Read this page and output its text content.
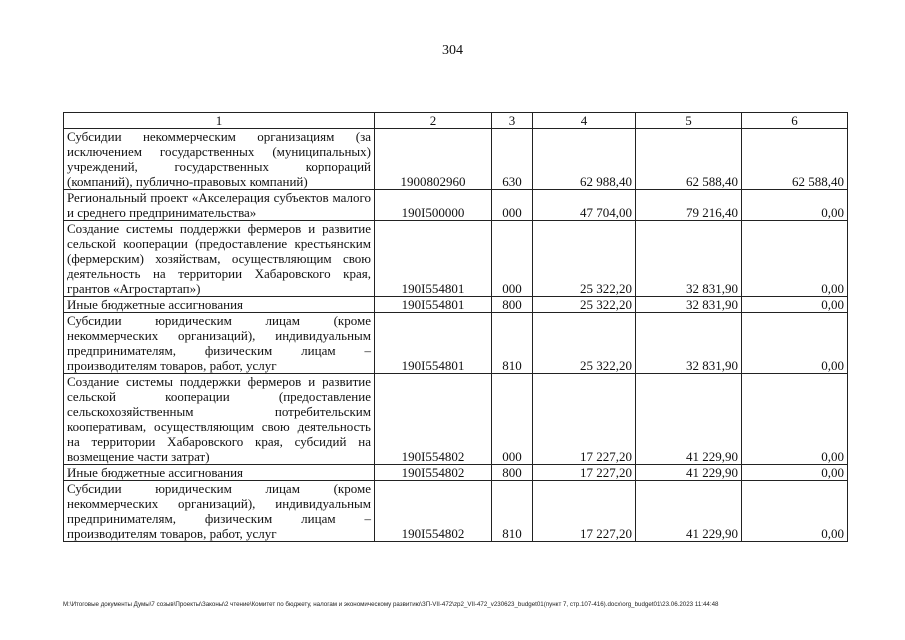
304
1	2	3	4	5	6
Субсидии некоммерческим организациям (за исключением государственных (муниципальных) учреждений, государственных корпораций (компаний), публично-правовых компаний)	1900802960	630	62 988,40	62 588,40	62 588,40
Региональный проект «Акселерация субъектов малого и среднего предпринимательства»	190I500000	000	47 704,00	79 216,40	0,00
Создание системы поддержки фермеров и развитие сельской кооперации (предоставление крестьянским (фермерским) хозяйствам, осуществляющим свою деятельность на территории Хабаровского края, грантов «Агростартап»)	190I554801	000	25 322,20	32 831,90	0,00
Иные бюджетные ассигнования	190I554801	800	25 322,20	32 831,90	0,00
Субсидии юридическим лицам (кроме некоммерческих организаций), индивидуальным предпринимателям, физическим лицам – производителям товаров, работ, услуг	190I554801	810	25 322,20	32 831,90	0,00
Создание системы поддержки фермеров и развитие сельской кооперации (предоставление сельскохозяйственным потребительским кооперативам, осуществляющим свою деятельность на территории Хабаровского края, субсидий на возмещение части затрат)	190I554802	000	17 227,20	41 229,90	0,00
Иные бюджетные ассигнования	190I554802	800	17 227,20	41 229,90	0,00
Субсидии юридическим лицам (кроме некоммерческих организаций), индивидуальным предпринимателям, физическим лицам – производителям товаров, работ, услуг	190I554802	810	17 227,20	41 229,90	0,00
M:\Итоговые документы Думы\7 созыв\Проекты\Законы\2 чтение\Комитет по бюджету, налогам и экономическому развитию\ЗП-VII-472\zp2_VII-472_v230623_budget01(пункт 7, стр.107-416).docx\org_budget01\23.06.2023 11:44:48
